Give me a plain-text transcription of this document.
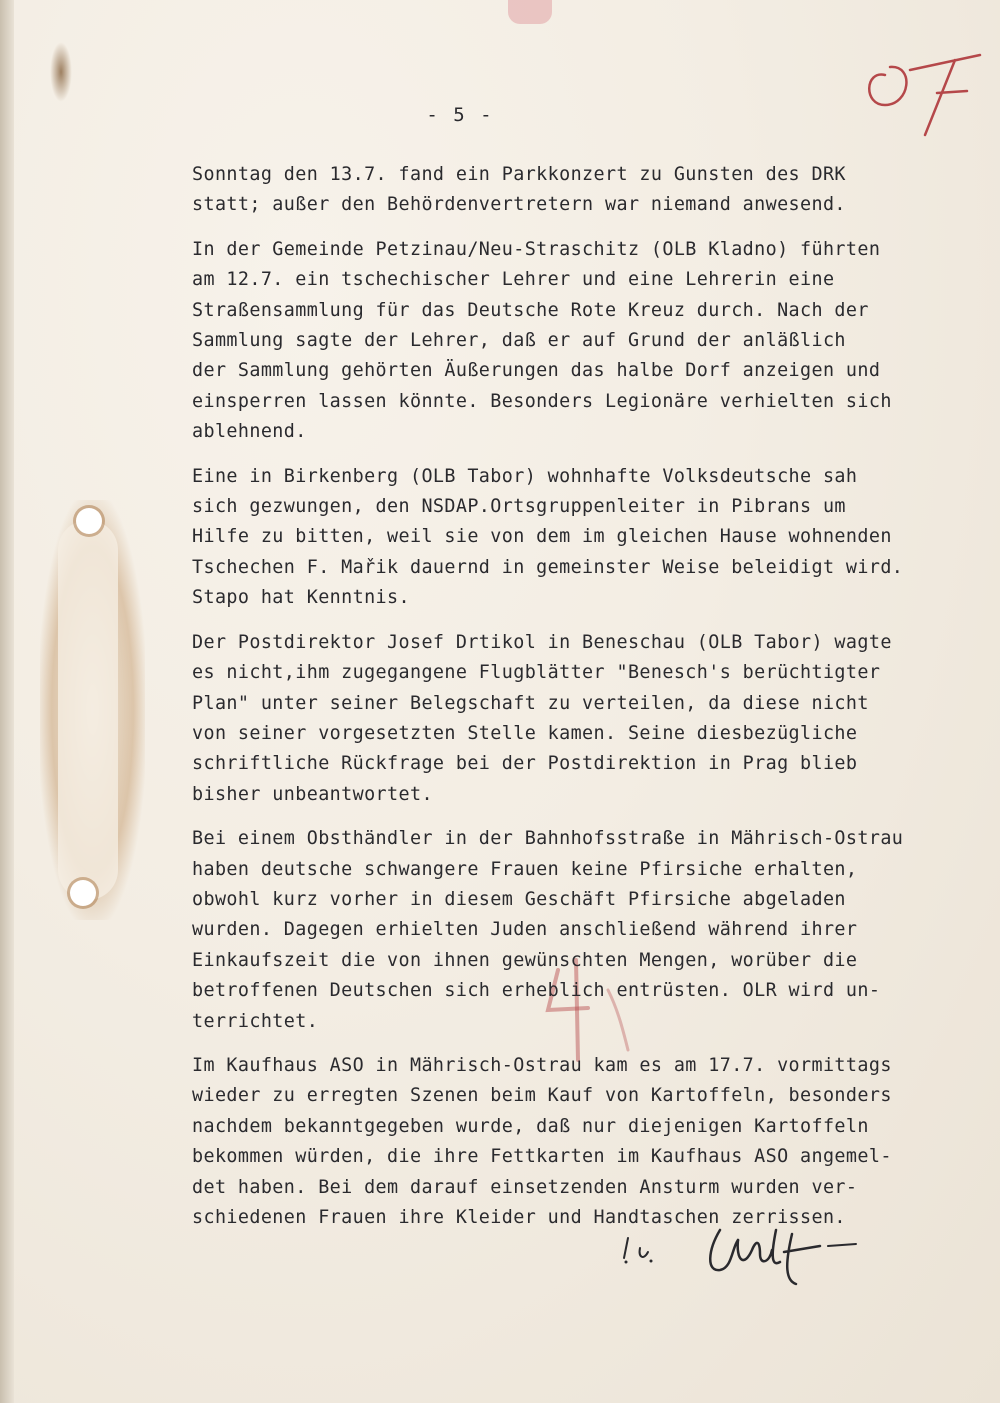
- 5 -

Sonntag den 13.7. fand ein Parkkonzert zu Gunsten des DRK
statt; außer den Behördenvertretern war niemand anwesend.

In der Gemeinde Petzinau/Neu-Straschitz (OLB Kladno) führten
am 12.7. ein tschechischer Lehrer und eine Lehrerin eine
Straßensammlung für das Deutsche Rote Kreuz durch. Nach der
Sammlung sagte der Lehrer, daß er auf Grund der anläßlich
der Sammlung gehörten Äußerungen das halbe Dorf anzeigen und
einsperren lassen könnte. Besonders Legionäre verhielten sich
ablehnend.

Eine in Birkenberg (OLB Tabor) wohnhafte Volksdeutsche sah
sich gezwungen, den NSDAP.Ortsgruppenleiter in Pibrans um
Hilfe zu bitten, weil sie von dem im gleichen Hause wohnenden
Tschechen F. Mařik dauernd in gemeinster Weise beleidigt wird.
Stapo hat Kenntnis.

Der Postdirektor Josef Drtikol in Beneschau (OLB Tabor) wagte
es nicht,ihm zugegangene Flugblätter "Benesch's berüchtigter
Plan" unter seiner Belegschaft zu verteilen, da diese nicht
von seiner vorgesetzten Stelle kamen. Seine diesbezügliche
schriftliche Rückfrage bei der Postdirektion in Prag blieb
bisher unbeantwortet.

Bei einem Obsthändler in der Bahnhofsstraße in Mährisch-Ostrau
haben deutsche schwangere Frauen keine Pfirsiche erhalten,
obwohl kurz vorher in diesem Geschäft Pfirsiche abgeladen
wurden. Dagegen erhielten Juden anschließend während ihrer
Einkaufszeit die von ihnen gewünschten Mengen, worüber die
betroffenen Deutschen sich erheblich entrüsten. OLR wird un-
terrichtet.

Im Kaufhaus ASO in Mährisch-Ostrau kam es am 17.7. vormittags
wieder zu erregten Szenen beim Kauf von Kartoffeln, besonders
nachdem bekanntgegeben wurde, daß nur diejenigen Kartoffeln
bekommen würden, die ihre Fettkarten im Kaufhaus ASO angemel-
det haben. Bei dem darauf einsetzenden Ansturm wurden ver-
schiedenen Frauen ihre Kleider und Handtaschen zerrissen.
